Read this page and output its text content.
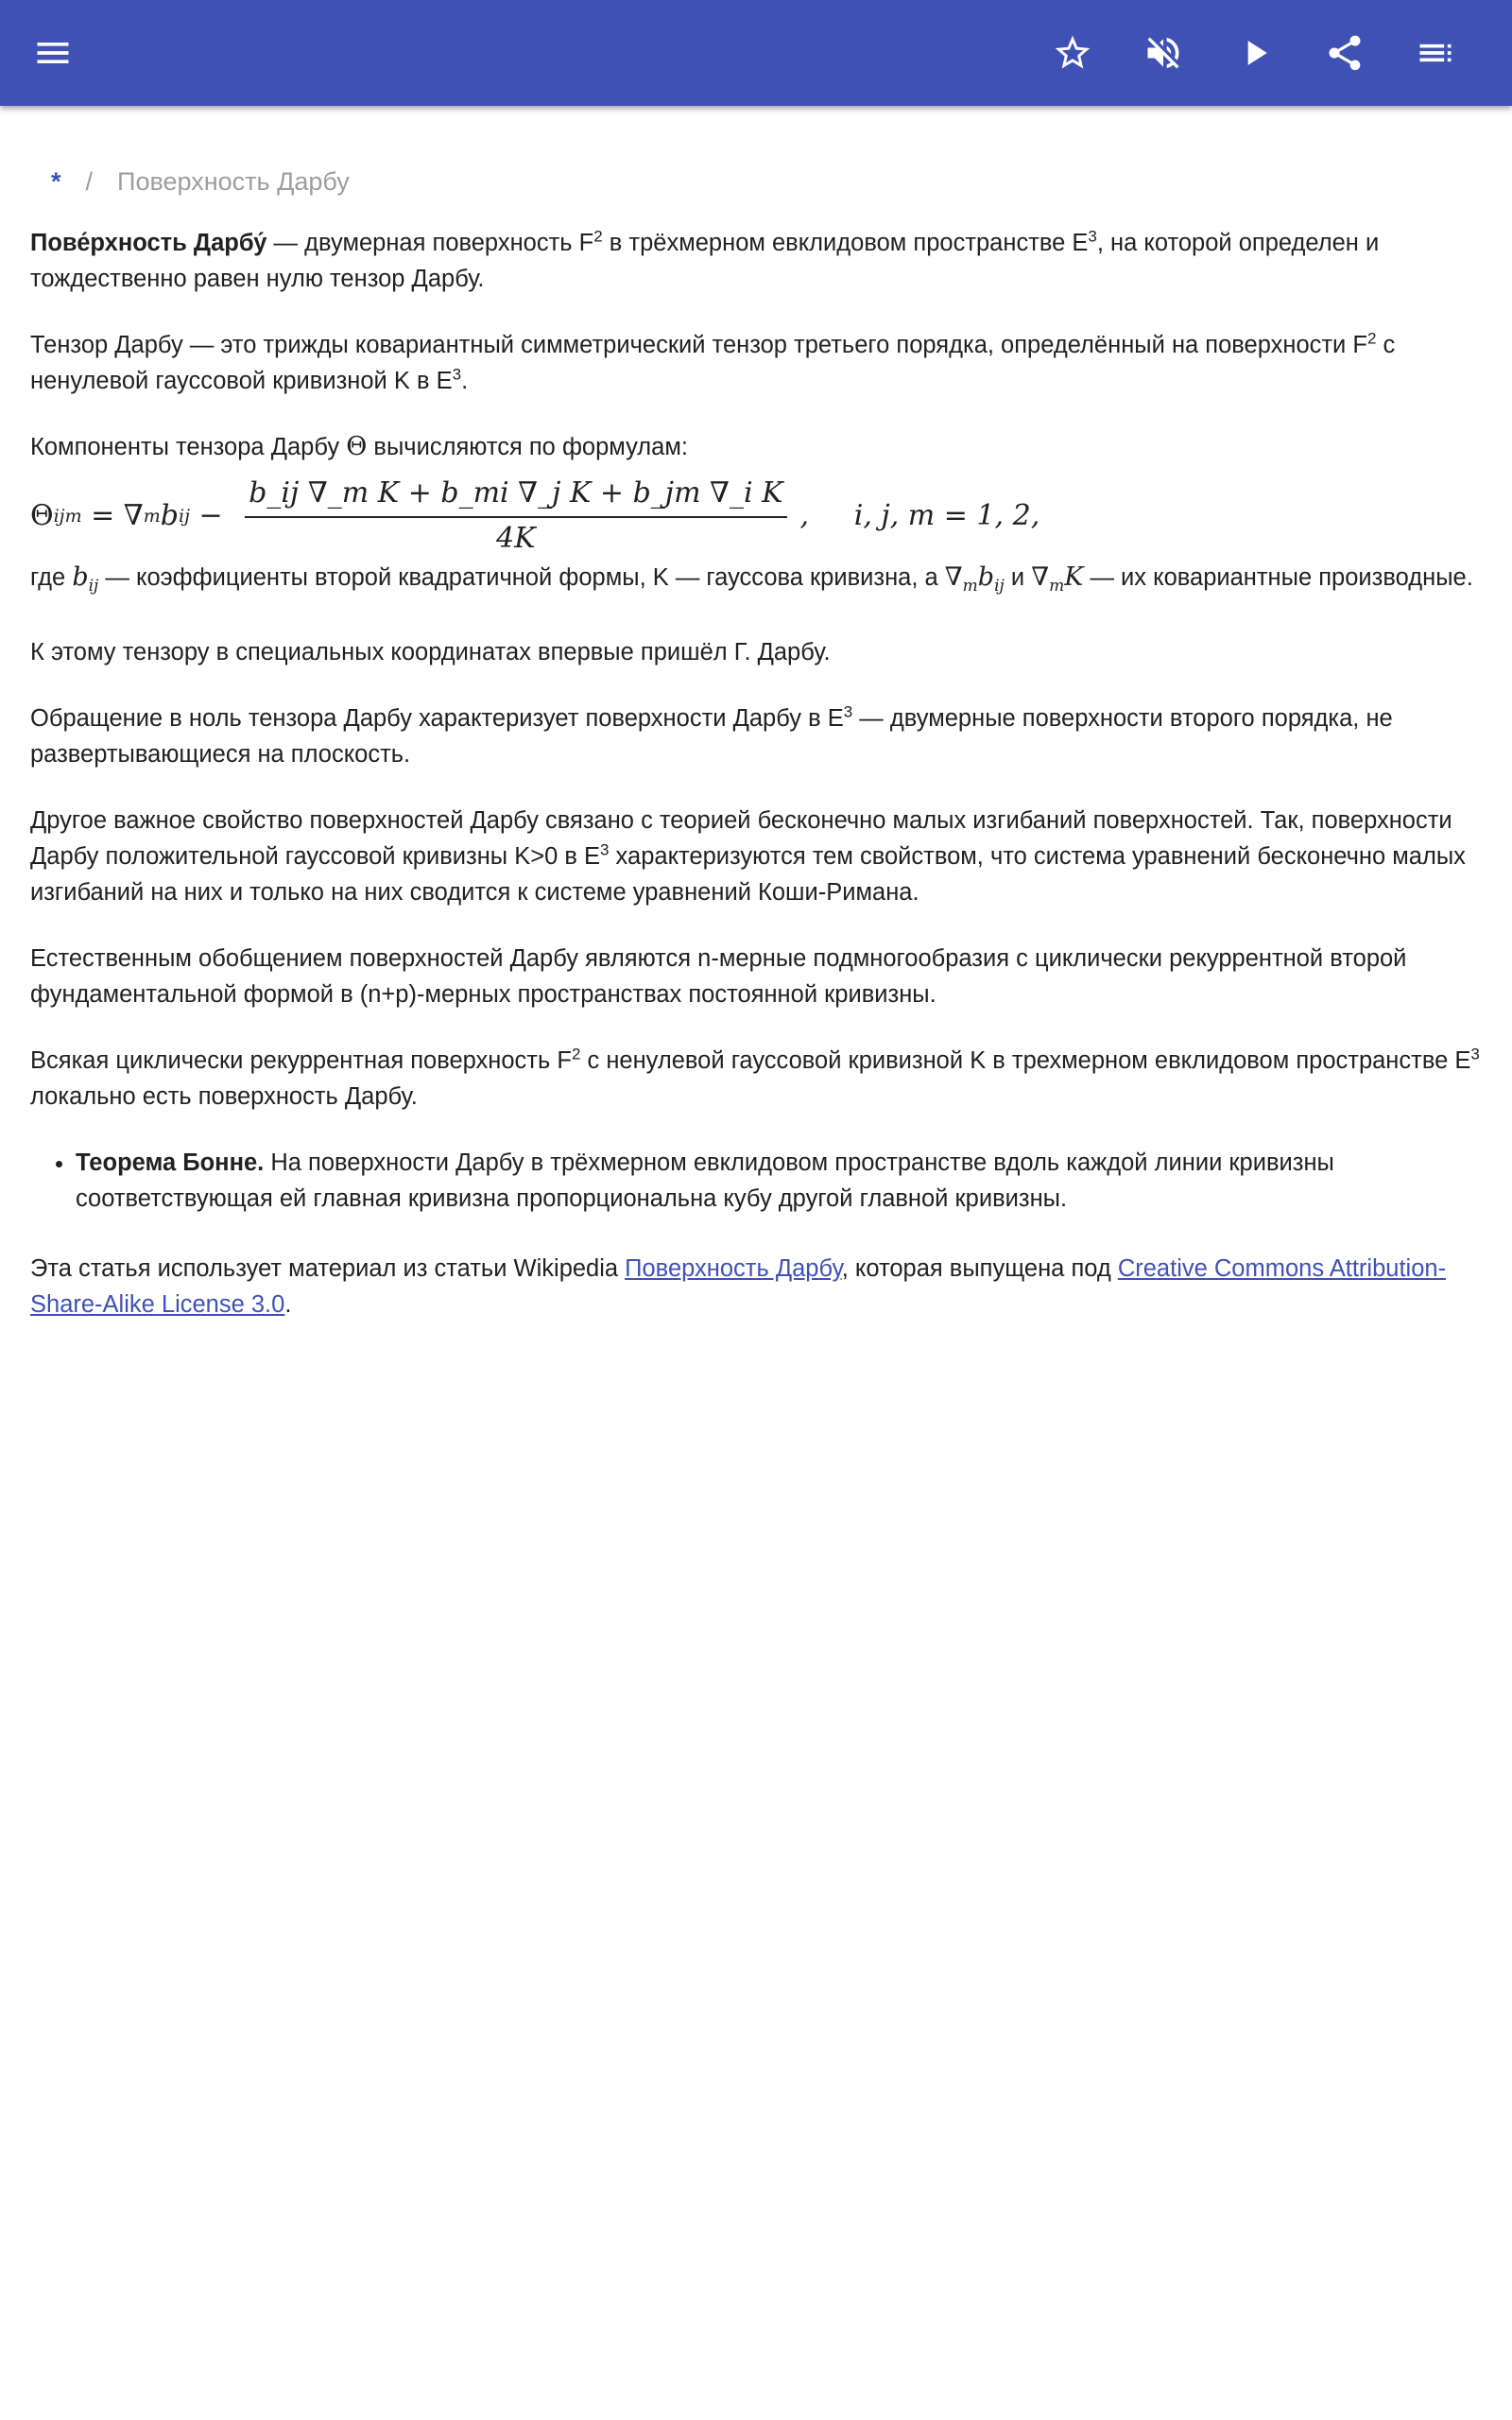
* / Поверхность Дарбу

Пове́рхность Дарбу́ — двумерная поверхность $F^2$ в трёхмерном евклидовом пространстве $E^3$, на которой определен и тождественно равен нулю тензор Дарбу.

Тензор Дарбу — это трижды ковариантный симметрический тензор третьего порядка, определённый на поверхности $F^2$ с ненулевой гауссовой кривизной K в $E^3$.

Компоненты тензора Дарбу Θ вычисляются по формулам:

Θ ijm = ∇ m b ij − $\frac{\text{b\_ij ∇\_m K + b\_mi ∇\_j K + b\_jm ∇\_i K}}{4K}$ ,     i, j, m = 1, 2,

где $b_{ij}$ — коэффициенты второй квадратичной формы, K — гауссова кривизна, а $\nabla_mb_{ij}$ и $\nabla_mK$ — их ковариантные производные.

К этому тензору в специальных координатах впервые пришёл Г. Дарбу.

Обращение в ноль тензора Дарбу характеризует поверхности Дарбу в $E^3$ — двумерные поверхности второго порядка, не развертывающиеся на плоскость.

Другое важное свойство поверхностей Дарбу связано с теорией бесконечно малых изгибаний поверхностей. Так, поверхности Дарбу положительной гауссовой кривизны K>0 в $E^3$ характеризуются тем свойством, что система уравнений бесконечно малых изгибаний на них и только на них сводится к системе уравнений Коши-Римана.

Естественным обобщением поверхностей Дарбу являются n-мерные подмногообразия с циклически рекуррентной второй фундаментальной формой в (n+p)-мерных пространствах постоянной кривизны.

Всякая циклически рекуррентная поверхность $F^2$ с ненулевой гауссовой кривизной K в трехмерном евклидовом пространстве $E^3$ локально есть поверхность Дарбу.

• Теорема Бонне. На поверхности Дарбу в трёхмерном евклидовом пространстве вдоль каждой линии кривизны соответствующая ей главная кривизна пропорциональна кубу другой главной кривизны.

Эта статья использует материал из статьи Wikipedia Поверхность Дарбу, которая выпущена под Creative Commons Attribution-Share-Alike License 3.0.
